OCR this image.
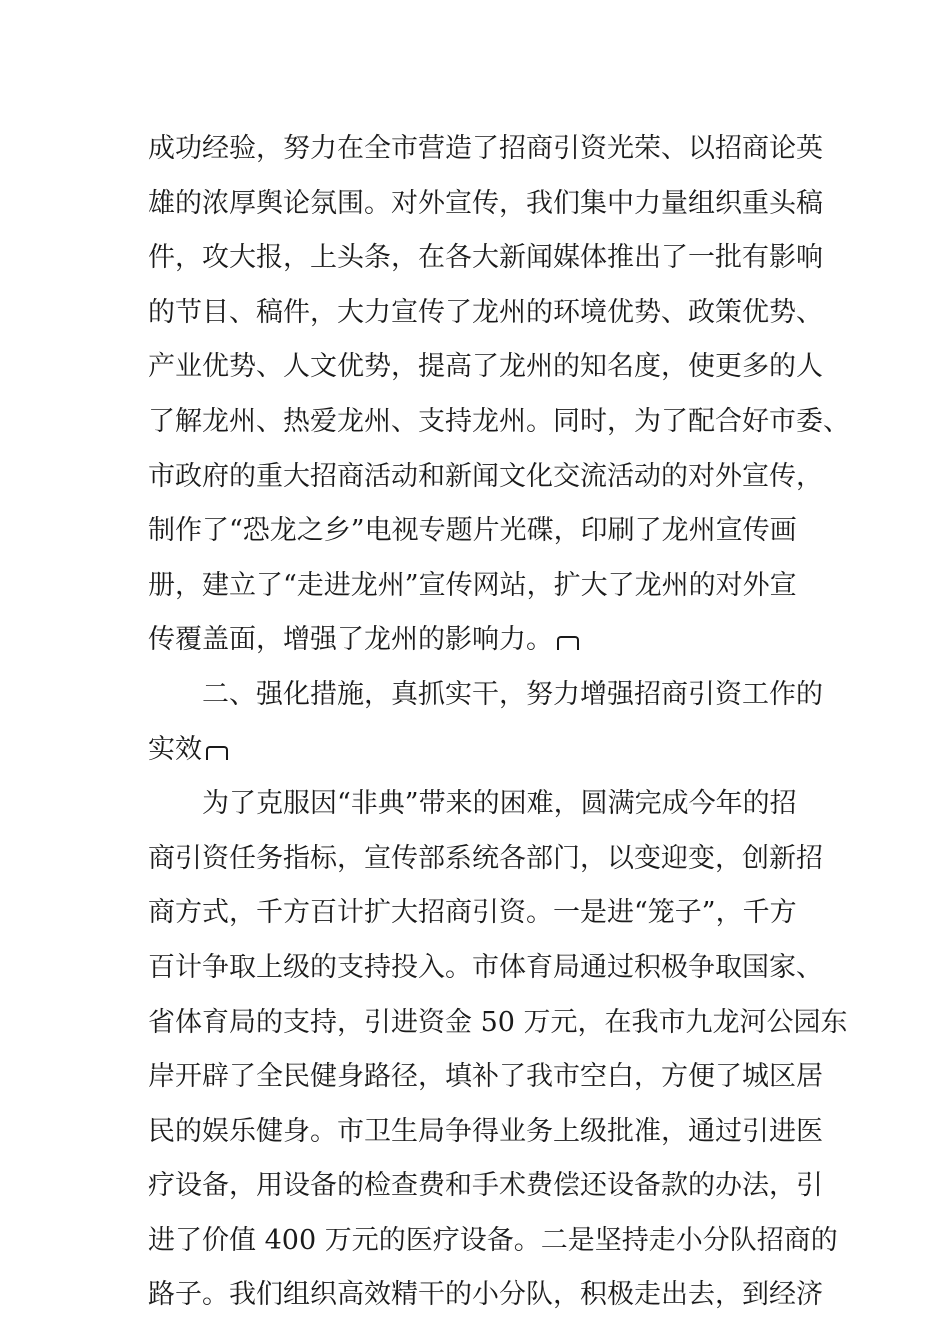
成功经验，努力在全市营造了招商引资光荣、以招商论英
雄的浓厚舆论氛围。对外宣传，我们集中力量组织重头稿
件，攻大报，上头条，在各大新闻媒体推出了一批有影响
的节目、稿件，大力宣传了龙州的环境优势、政策优势、
产业优势、人文优势，提高了龙州的知名度，使更多的人
了解龙州、热爱龙州、支持龙州。同时，为了配合好市委、
市政府的重大招商活动和新闻文化交流活动的对外宣传，
制作了“恐龙之乡”电视专题片光碟，印刷了龙州宣传画
册，建立了“走进龙州”宣传网站，扩大了龙州的对外宣
传覆盖面，增强了龙州的影响力。
二、强化措施，真抓实干，努力增强招商引资工作的
实效
为了克服因“非典”带来的困难，圆满完成今年的招
商引资任务指标，宣传部系统各部门，以变迎变，创新招
商方式，千方百计扩大招商引资。一是进“笼子”，千方
百计争取上级的支持投入。市体育局通过积极争取国家、
省体育局的支持，引进资金 50 万元，在我市九龙河公园东
岸开辟了全民健身路径，填补了我市空白，方便了城区居
民的娱乐健身。市卫生局争得业务上级批准，通过引进医
疗设备，用设备的检查费和手术费偿还设备款的办法，引
进了价值 400 万元的医疗设备。二是坚持走小分队招商的
路子。我们组织高效精干的小分队，积极走出去，到经济
